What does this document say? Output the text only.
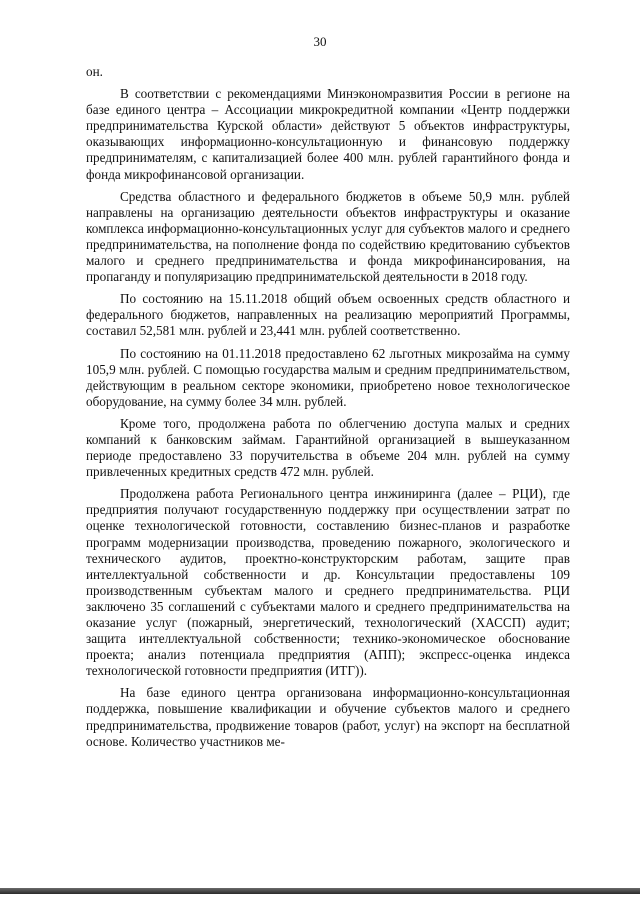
30

он.

В соответствии с рекомендациями Минэкономразвития России в регионе на базе единого центра – Ассоциации микрокредитной компании «Центр поддержки предпринимательства Курской области» действуют 5 объектов инфраструктуры, оказывающих информационно-консультационную и финансовую поддержку предпринимателям, с капитализацией более 400 млн. рублей гарантийного фонда и фонда микрофинансовой организации.

Средства областного и федерального бюджетов в объеме 50,9 млн. рублей направлены на организацию деятельности объектов инфраструктуры и оказание комплекса информационно-консультационных услуг для субъектов малого и среднего предпринимательства, на пополнение фонда по содействию кредитованию субъектов малого и среднего предпринимательства и фонда микрофинансирования, на пропаганду и популяризацию предпринимательской деятельности в 2018 году.

По состоянию на 15.11.2018 общий объем освоенных средств областного и федерального бюджетов, направленных на реализацию мероприятий Программы, составил 52,581 млн. рублей и 23,441 млн. рублей соответственно.

По состоянию на 01.11.2018 предоставлено 62 льготных микрозайма на сумму 105,9 млн. рублей. С помощью государства малым и средним предпринимательством, действующим в реальном секторе экономики, приобретено новое технологическое оборудование, на сумму более 34 млн. рублей.

Кроме того, продолжена работа по облегчению доступа малых и средних компаний к банковским займам. Гарантийной организацией в вышеуказанном периоде предоставлено 33 поручительства в объеме 204 млн. рублей на сумму привлеченных кредитных средств 472 млн. рублей.

Продолжена работа Регионального центра инжиниринга (далее – РЦИ), где предприятия получают государственную поддержку при осуществлении затрат по оценке технологической готовности, составлению бизнес-планов и разработке программ модернизации производства, проведению пожарного, экологического и технического аудитов, проектно-конструкторским работам, защите прав интеллектуальной собственности и др. Консультации предоставлены 109 производственным субъектам малого и среднего предпринимательства. РЦИ заключено 35 соглашений с субъектами малого и среднего предпринимательства на оказание услуг (пожарный, энергетический, технологический (ХАССП) аудит; защита интеллектуальной собственности; технико-экономическое обоснование проекта; анализ потенциала предприятия (АПП); экспресс-оценка индекса технологической готовности предприятия (ИТГ)).

На базе единого центра организована информационно-консультационная поддержка, повышение квалификации и обучение субъектов малого и среднего предпринимательства, продвижение товаров (работ, услуг) на экспорт на бесплатной основе. Количество участников ме-
